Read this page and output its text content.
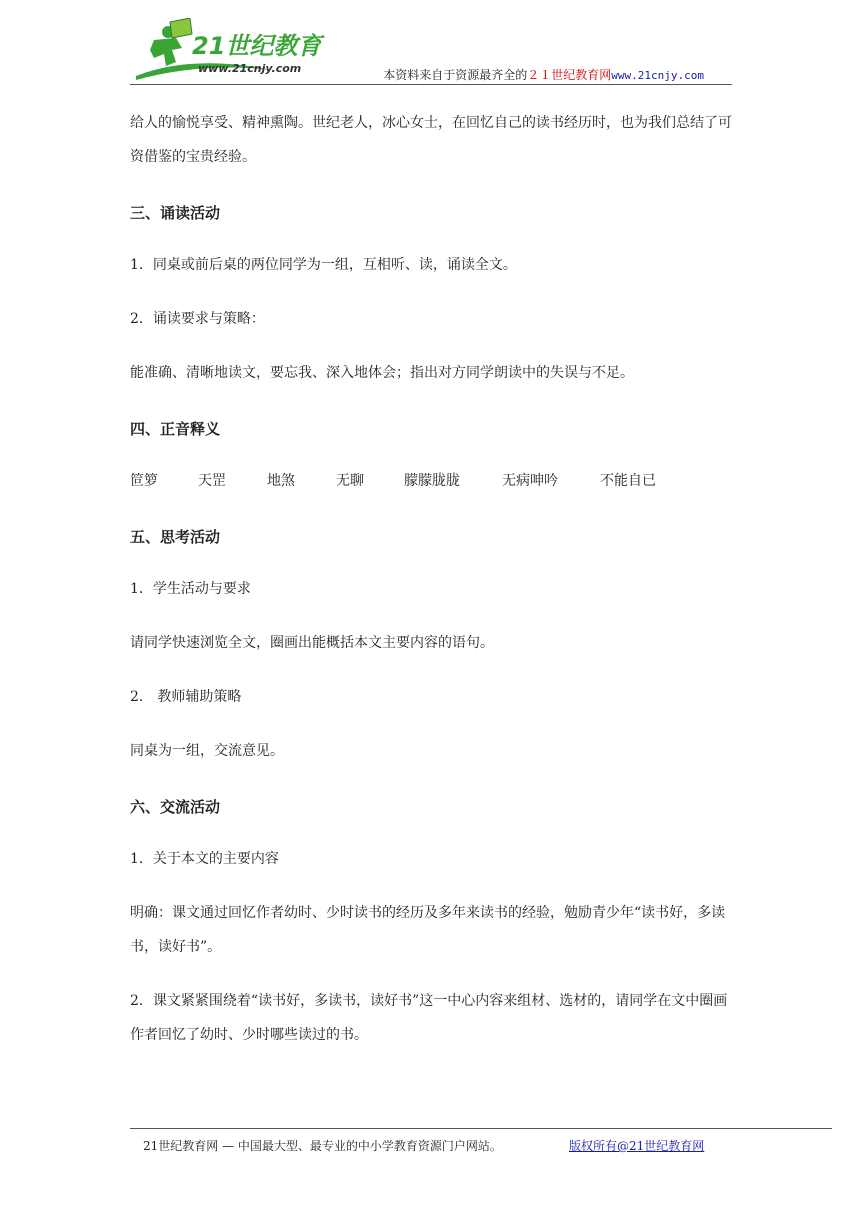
21世纪教育
www.21cnjy.com	本资料来自于资源最齐全的２１世纪教育网www.21cnjy.com

给人的愉悦享受、精神熏陶。世纪老人，冰心女士，在回忆自己的读书经历时，也为我们总结了可资借鉴的宝贵经验。

三、诵读活动

1．同桌或前后桌的两位同学为一组，互相听、读，诵读全文。

2．诵读要求与策略：

能准确、清晰地读文，要忘我、深入地体会；指出对方同学朗读中的失误与不足。

四、正音释义
笸箩	天罡	地煞	无聊	朦朦胧胧	无病呻吟	不能自已
五、思考活动

1．学生活动与要求

请同学快速浏览全文，圈画出能概括本文主要内容的语句。

2． 教师辅助策略

同桌为一组，交流意见。

六、交流活动

1．关于本文的主要内容

明确：课文通过回忆作者幼时、少时读书的经历及多年来读书的经验，勉励青少年“读书好，多读书，读好书”。

2．课文紧紧围绕着“读书好，多读书，读好书”这一中心内容来组材、选材的，请同学在文中圈画作者回忆了幼时、少时哪些读过的书。

21世纪教育网 — 中国最大型、最专业的中小学教育资源门户网站。	版权所有@21世纪教育网
